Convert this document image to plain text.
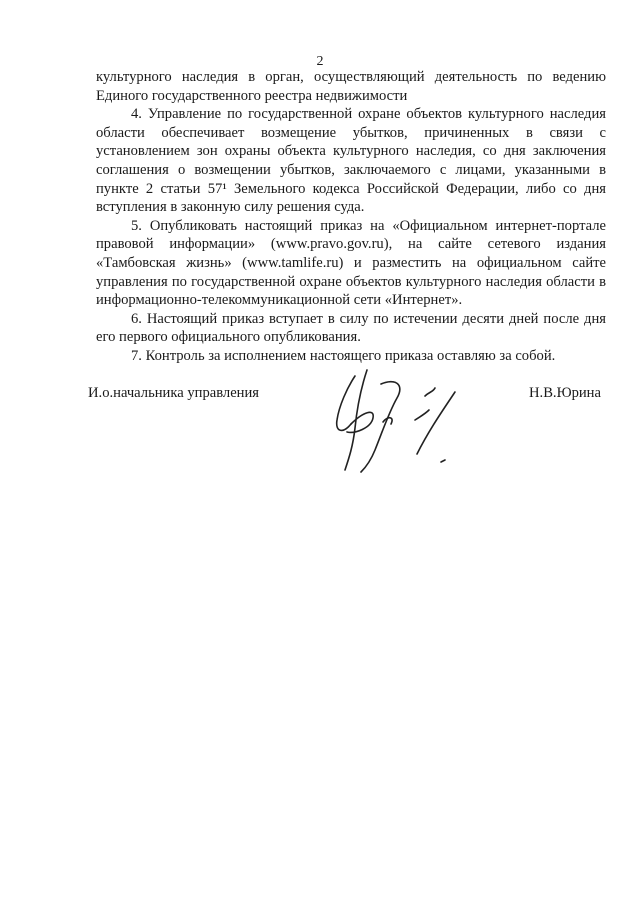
2

культурного наследия в орган, осуществляющий деятельность по ведению Единого государственного реестра недвижимости

4. Управление по государственной охране объектов культурного наследия области обеспечивает возмещение убытков, причиненных в связи с установлением зон охраны объекта культурного наследия, со дня заключения соглашения о возмещении убытков, заключаемого с лицами, указанными в пункте 2 статьи 57¹ Земельного кодекса Российской Федерации, либо со дня вступления в законную силу решения суда.

5. Опубликовать настоящий приказ на «Официальном интернет-портале правовой информации» (www.pravo.gov.ru), на сайте сетевого издания «Тамбовская жизнь» (www.tamlife.ru) и разместить на официальном сайте управления по государственной охране объектов культурного наследия области в информационно-телекоммуникационной сети «Интернет».

6. Настоящий приказ вступает в силу по истечении десяти дней после дня его первого официального опубликования.

7. Контроль за исполнением настоящего приказа оставляю за собой.

И.о.начальника управления	Н.В.Юрина
